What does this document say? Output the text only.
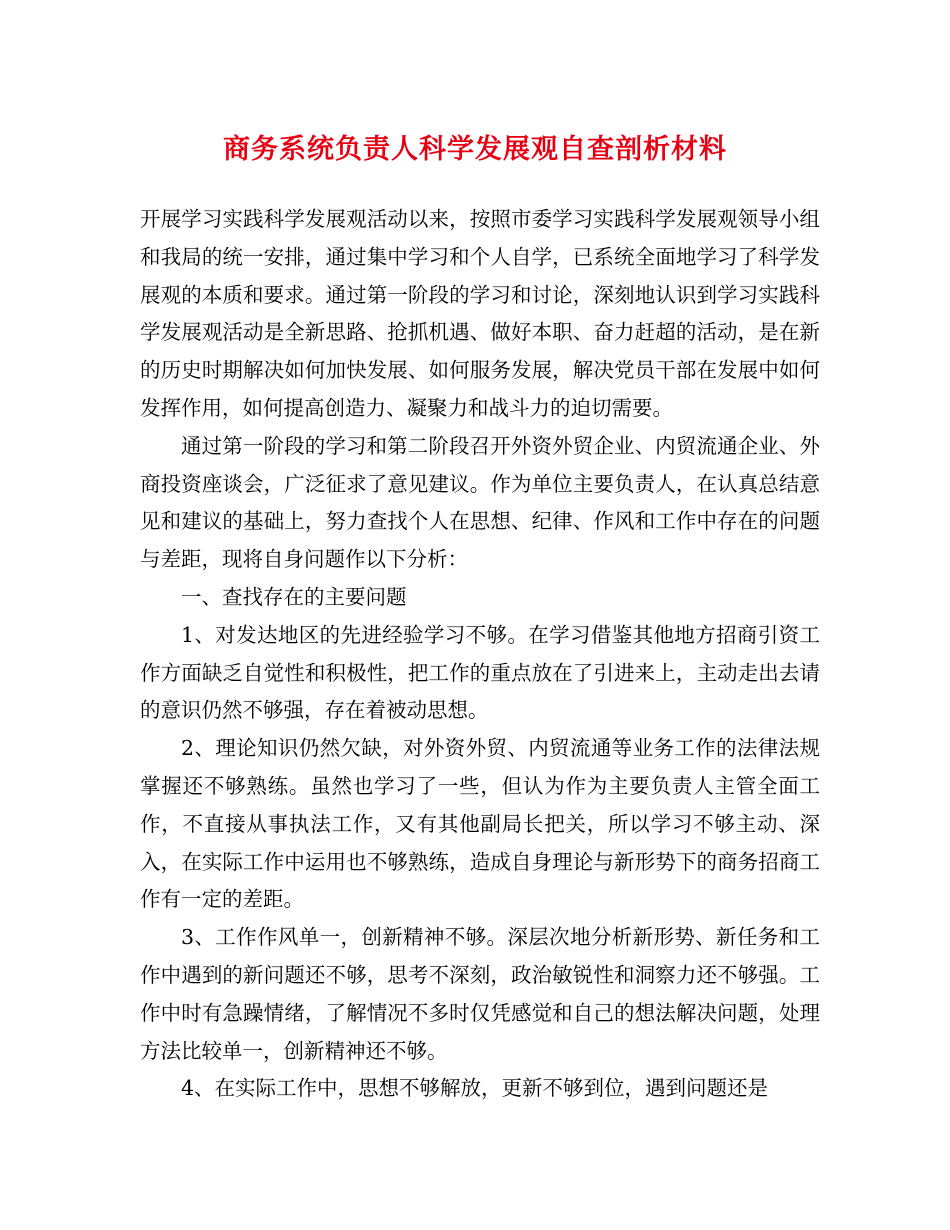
商务系统负责人科学发展观自查剖析材料

开展学习实践科学发展观活动以来，按照市委学习实践科学发展观领导小组和我局的统一安排，通过集中学习和个人自学，已系统全面地学习了科学发展观的本质和要求。通过第一阶段的学习和讨论，深刻地认识到学习实践科学发展观活动是全新思路、抢抓机遇、做好本职、奋力赶超的活动，是在新的历史时期解决如何加快发展、如何服务发展，解决党员干部在发展中如何发挥作用，如何提高创造力、凝聚力和战斗力的迫切需要。

通过第一阶段的学习和第二阶段召开外资外贸企业、内贸流通企业、外商投资座谈会，广泛征求了意见建议。作为单位主要负责人，在认真总结意见和建议的基础上，努力查找个人在思想、纪律、作风和工作中存在的问题与差距，现将自身问题作以下分析：

一、查找存在的主要问题

1、对发达地区的先进经验学习不够。在学习借鉴其他地方招商引资工作方面缺乏自觉性和积极性，把工作的重点放在了引进来上，主动走出去请的意识仍然不够强，存在着被动思想。

2、理论知识仍然欠缺，对外资外贸、内贸流通等业务工作的法律法规掌握还不够熟练。虽然也学习了一些，但认为作为主要负责人主管全面工作，不直接从事执法工作，又有其他副局长把关，所以学习不够主动、深入，在实际工作中运用也不够熟练，造成自身理论与新形势下的商务招商工作有一定的差距。

3、工作作风单一，创新精神不够。深层次地分析新形势、新任务和工作中遇到的新问题还不够，思考不深刻，政治敏锐性和洞察力还不够强。工作中时有急躁情绪，了解情况不多时仅凭感觉和自己的想法解决问题，处理方法比较单一，创新精神还不够。

4、在实际工作中，思想不够解放，更新不够到位，遇到问题还是
